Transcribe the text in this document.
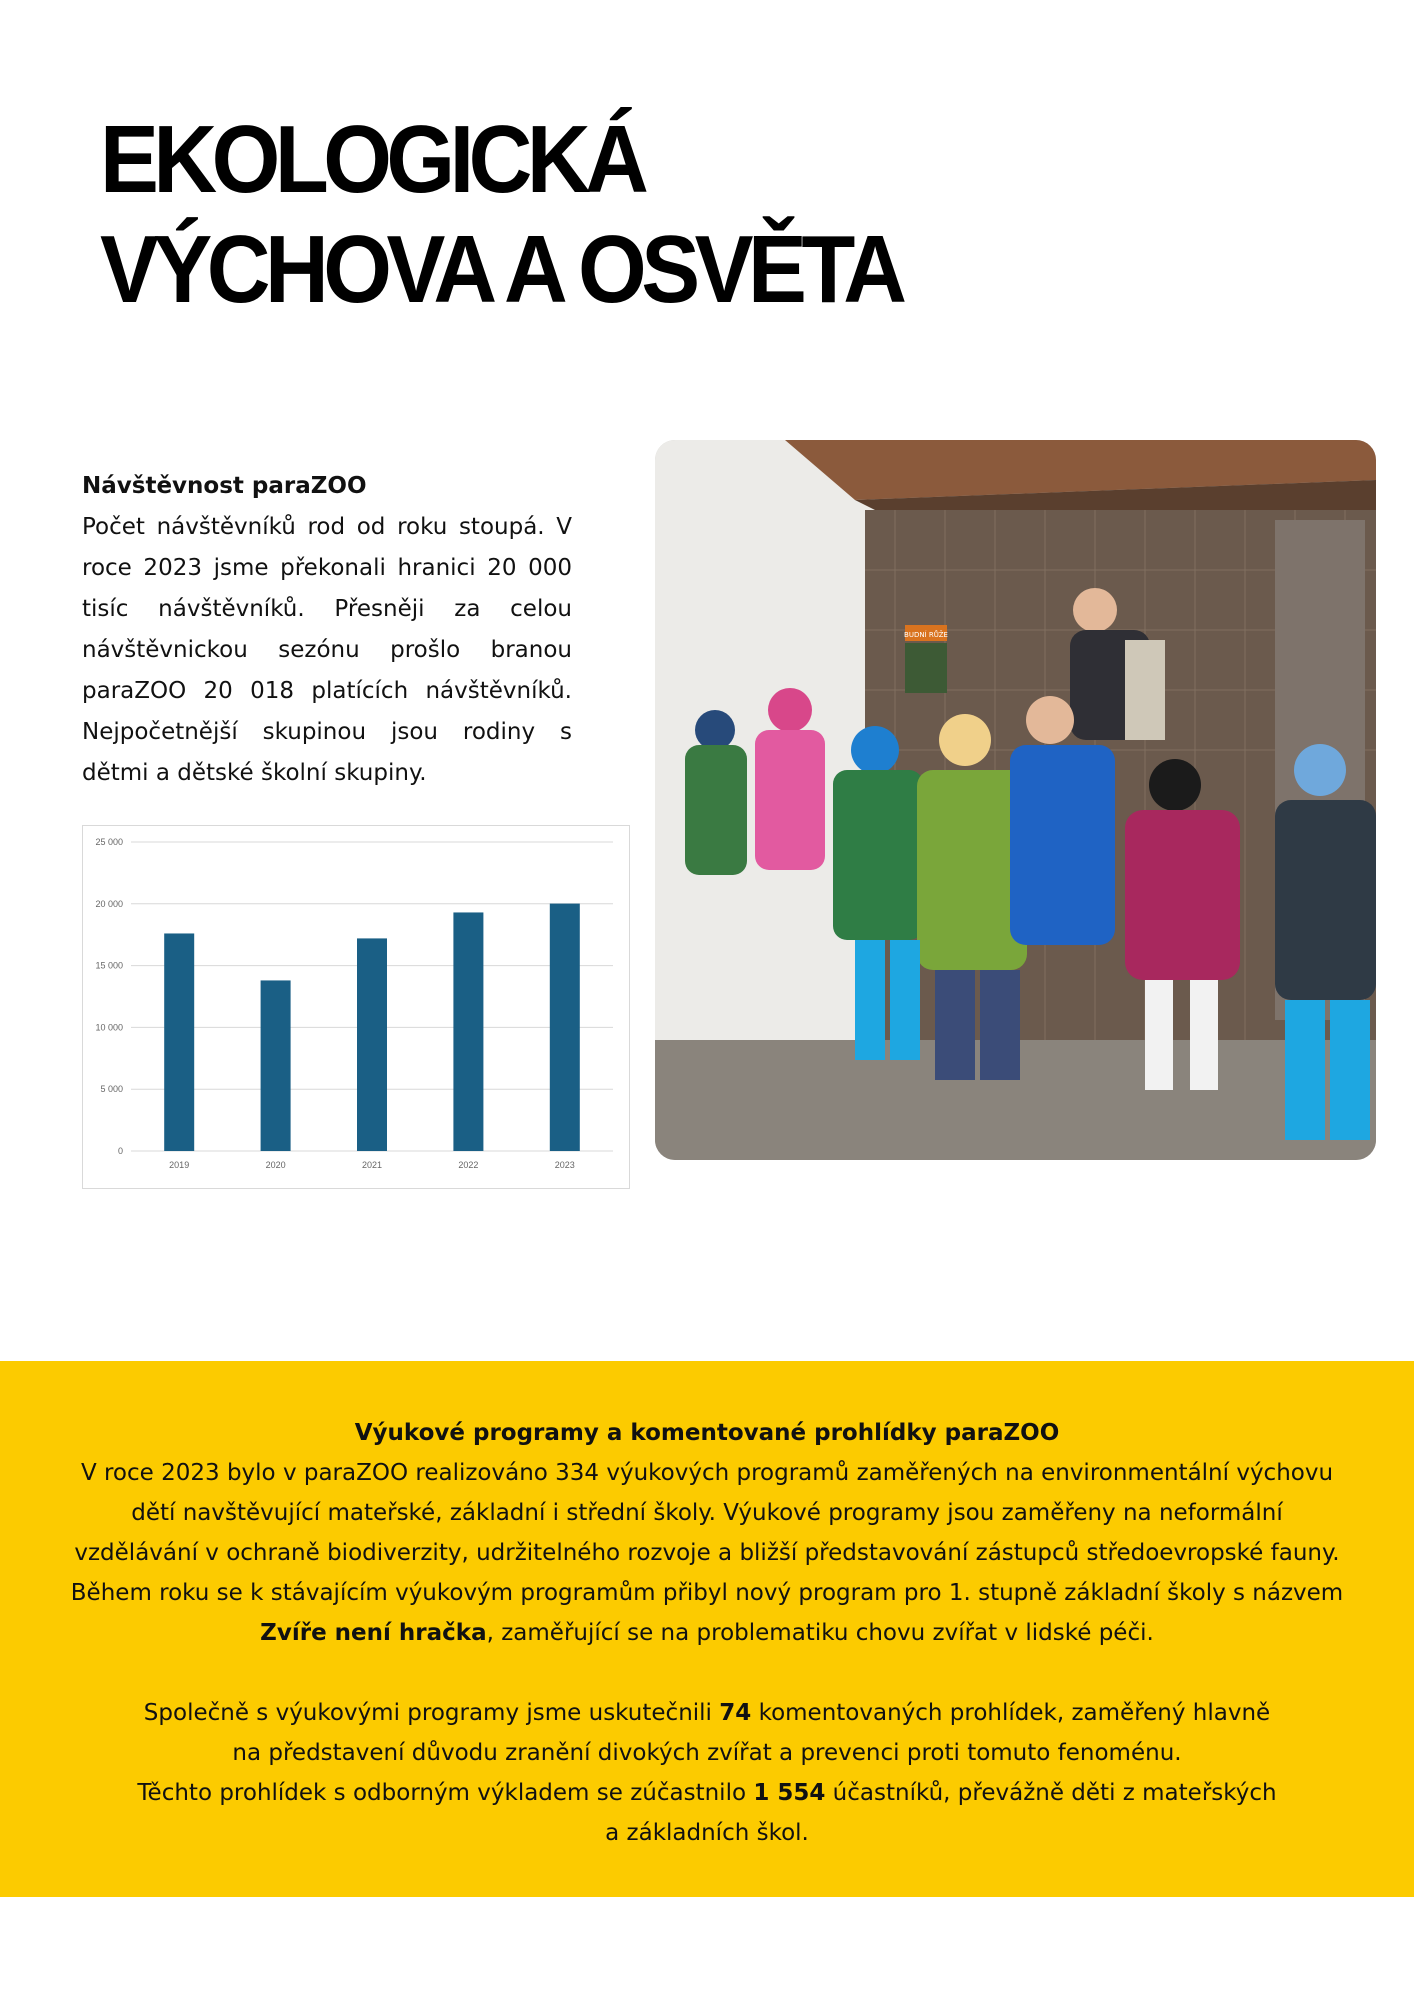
EKOLOGICKÁ
VÝCHOVA A OSVĚTA
Návštěvnost paraZOO
Počet návštěvníků rod od roku stoupá. V roce 2023 jsme překonali hranici 20 000 tisíc návštěvníků. Přesněji za celou návštěvnickou sezónu prošlo branou paraZOO 20 018 platících návštěvníků. Nejpočetnější skupinou jsou rodiny s dětmi a dětské školní skupiny.
0
5 000
10 000
15 000
20 000
25 000
2019	2020	2021	2022	2023
BUDNÍ RŮŽE

Výukové programy a komentované prohlídky paraZOO

V roce 2023 bylo v paraZOO realizováno 334 výukových programů zaměřených na environmentální výchovu

dětí navštěvující mateřské, základní i střední školy. Výukové programy jsou zaměřeny na neformální

vzdělávání v ochraně biodiverzity, udržitelného rozvoje a bližší představování zástupců středoevropské fauny.

Během roku se k stávajícím výukovým programům přibyl nový program pro 1. stupně základní školy s názvem

Zvíře není hračka, zaměřující se na problematiku chovu zvířat v lidské péči.

Společně s výukovými programy jsme uskutečnili 74 komentovaných prohlídek, zaměřený hlavně

na představení důvodu zranění divokých zvířat a prevenci proti tomuto fenoménu.

Těchto prohlídek s odborným výkladem se zúčastnilo 1 554 účastníků, převážně děti z mateřských

a základních škol.
